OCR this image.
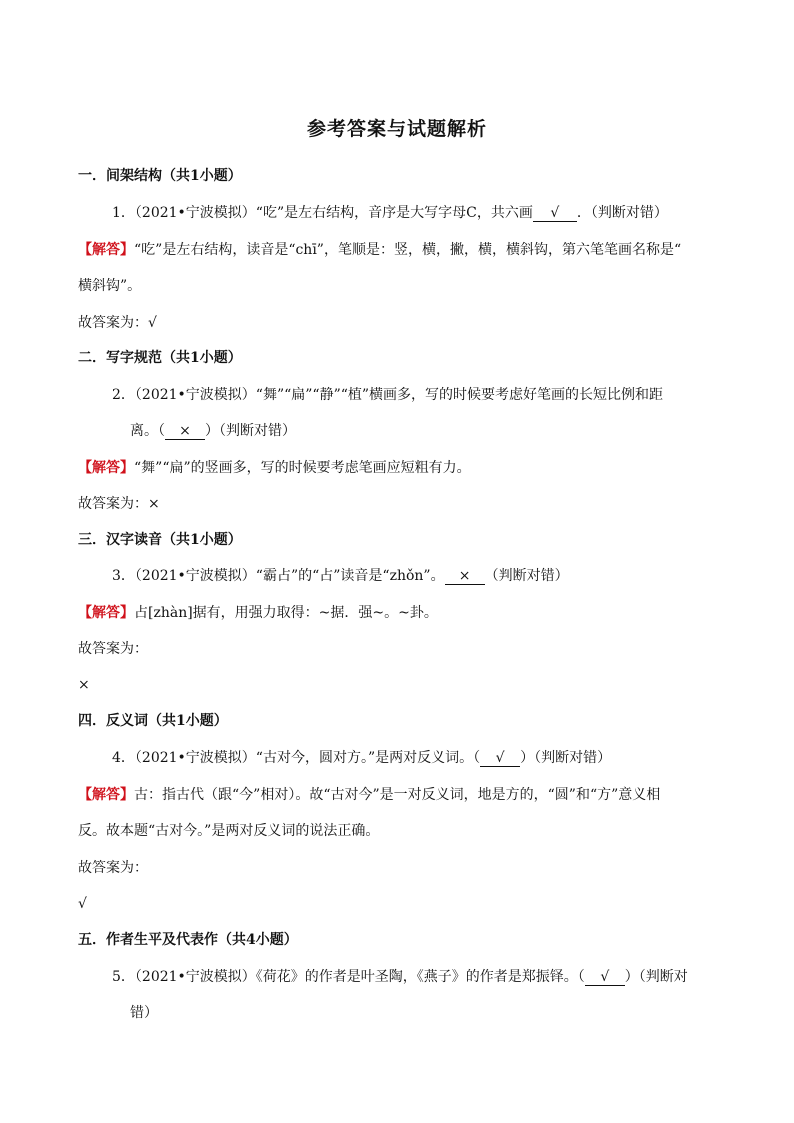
参考答案与试题解析
一．间架结构（共1小题）
1．（2021•宁波模拟）“吃”是左右结构，音序是大写字母C，共六画 √ ．（判断对错）
【解答】“吃”是左右结构，读音是“chī”，笔顺是：竖，横，撇，横，横斜钩，第六笔笔画名称是“
横斜钩”。
故答案为：√
二．写字规范（共1小题）
2．（2021•宁波模拟）“舞”“扁”“静”“植”横画多，写的时候要考虑好笔画的长短比例和距
离。（ × ）（判断对错）
【解答】“舞”“扁”的竖画多，写的时候要考虑笔画应短粗有力。
故答案为：×
三．汉字读音（共1小题）
3．（2021•宁波模拟）“霸占”的“占”读音是“zhǒn”。 × （判断对错）
【解答】占[zhàn]据有，用强力取得：~据．强~。~卦。
故答案为：
×
四．反义词（共1小题）
4．（2021•宁波模拟）“古对今，圆对方。”是两对反义词。（ √ ）（判断对错）
【解答】古：指古代（跟“今”相对）。故“古对今”是一对反义词，地是方的，“圆”和“方”意义相
反。故本题“古对今。”是两对反义词的说法正确。
故答案为：
√
五．作者生平及代表作（共4小题）
5．（2021•宁波模拟）《荷花》的作者是叶圣陶，《燕子》的作者是郑振铎。（ √ ）（判断对
错）
